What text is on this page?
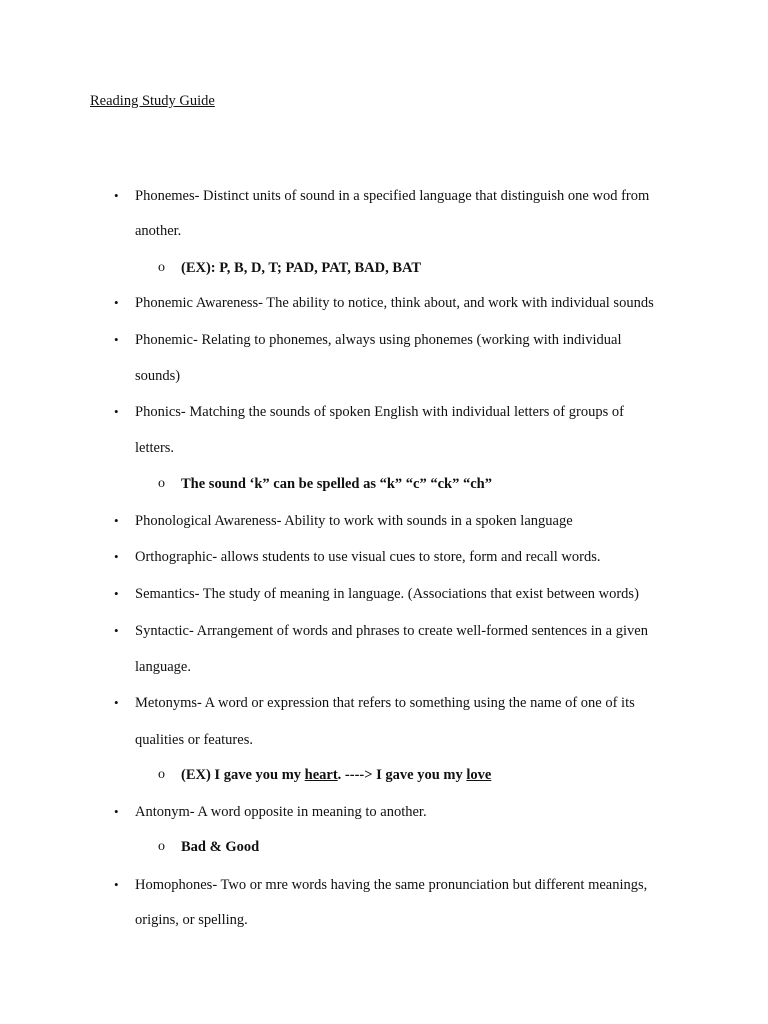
Reading Study Guide
• Phonemes- Distinct units of sound in a specified language that distinguish one wod from
another.
o (EX): P, B, D, T; PAD, PAT, BAD, BAT
• Phonemic Awareness- The ability to notice, think about, and work with individual sounds
• Phonemic- Relating to phonemes, always using phonemes (working with individual
sounds)
• Phonics- Matching the sounds of spoken English with individual letters of groups of
letters.
o The sound ‘k” can be spelled as “k” “c” “ck” “ch”
• Phonological Awareness- Ability to work with sounds in a spoken language
• Orthographic- allows students to use visual cues to store, form and recall words.
• Semantics- The study of meaning in language. (Associations that exist between words)
• Syntactic- Arrangement of words and phrases to create well-formed sentences in a given
language.
• Metonyms- A word or expression that refers to something using the name of one of its
qualities or features.
o (EX) I gave you my heart. ----> I gave you my love
• Antonym- A word opposite in meaning to another.
o Bad & Good
• Homophones- Two or mre words having the same pronunciation but different meanings,
origins, or spelling.
